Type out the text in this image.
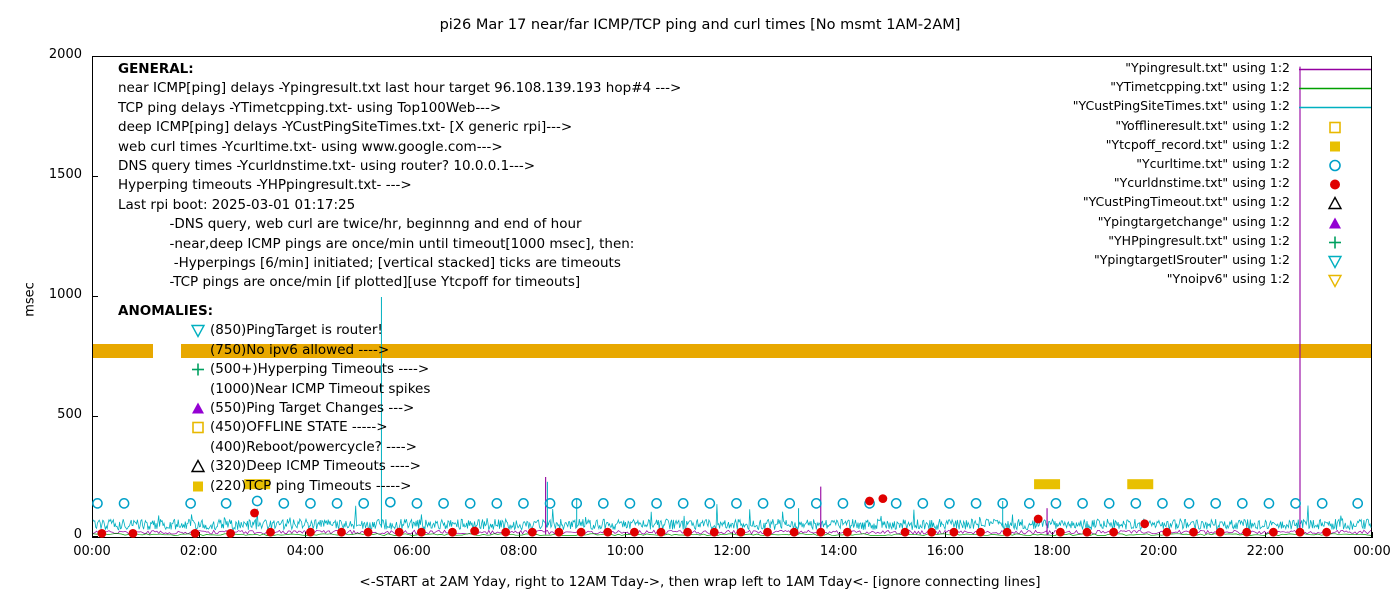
pi26 Mar 17 near/far ICMP/TCP ping and curl times [No msmt 1AM-2AM]
msec
0
500
1000
1500
2000
00:00	02:00	04:00	06:00	08:00	10:00	12:00	14:00	16:00	18:00	20:00	22:00	00:00
GENERAL:
near ICMP[ping] delays -Ypingresult.txt last hour target 96.108.139.193 hop#4 --->
TCP ping delays -YTimetcpping.txt- using Top100Web--->
deep ICMP[ping] delays -YCustPingSiteTimes.txt- [X generic rpi]--->
web curl times -Ycurltime.txt- using www.google.com--->
DNS query times -Ycurldnstime.txt- using router? 10.0.0.1--->
Hyperping timeouts -YHPpingresult.txt- --->
Last rpi boot: 2025-03-01 01:17:25
-DNS query, web curl are twice/hr, beginnng and end of hour
-near,deep ICMP pings are once/min until timeout[1000 msec], then:
-Hyperpings [6/min] initiated; [vertical stacked] ticks are timeouts
-TCP pings are once/min [if plotted][use Ytcpoff for timeouts]
ANOMALIES:
(850)PingTarget is router!
(750)No ipv6 allowed ---->
(500+)Hyperping Timeouts ---->
(1000)Near ICMP Timeout spikes
(550)Ping Target Changes --->
(450)OFFLINE STATE ----->
(400)Reboot/powercycle? ---->
(320)Deep ICMP Timeouts ---->
(220)TCP ping Timeouts ----->
"Ypingresult.txt" using 1:2
"YTimetcpping.txt" using 1:2
"YCustPingSiteTimes.txt" using 1:2
"Yofflineresult.txt" using 1:2
"Ytcpoff_record.txt" using 1:2
"Ycurltime.txt" using 1:2
"Ycurldnstime.txt" using 1:2
"YCustPingTimeout.txt" using 1:2
"Ypingtargetchange" using 1:2
"YHPpingresult.txt" using 1:2
"YpingtargetISrouter" using 1:2
"Ynoipv6" using 1:2
<-START at 2AM Yday, right to 12AM Tday->, then wrap left to 1AM Tday<- [ignore connecting lines]
